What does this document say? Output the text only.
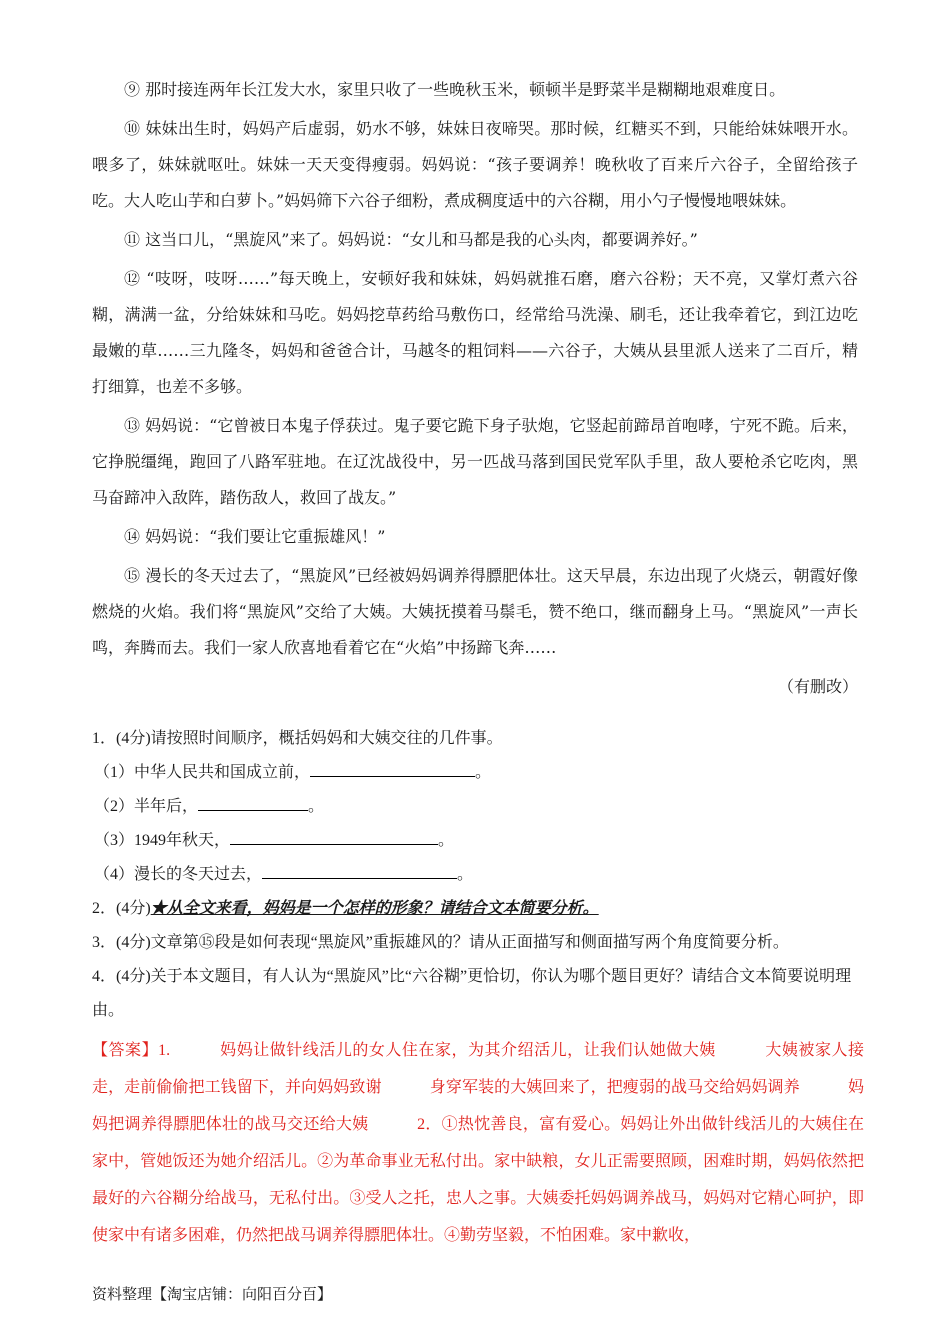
⑨ 那时接连两年长江发大水，家里只收了一些晚秋玉米，顿顿半是野菜半是糊糊地艰难度日。

⑩ 妹妹出生时，妈妈产后虚弱，奶水不够，妹妹日夜啼哭。那时候，红糖买不到，只能给妹妹喂开水。喂多了，妹妹就呕吐。妹妹一天天变得瘦弱。妈妈说：“孩子要调养！晚秋收了百来斤六谷子，全留给孩子吃。大人吃山芋和白萝卜。”妈妈筛下六谷子细粉，煮成稠度适中的六谷糊，用小勺子慢慢地喂妹妹。

⑪ 这当口儿，“黑旋风”来了。妈妈说：“女儿和马都是我的心头肉，都要调养好。”

⑫ “吱呀，吱呀……”每天晚上，安顿好我和妹妹，妈妈就推石磨，磨六谷粉；天不亮，又掌灯煮六谷糊，满满一盆，分给妹妹和马吃。妈妈挖草药给马敷伤口，经常给马洗澡、刷毛，还让我牵着它，到江边吃最嫩的草……三九隆冬，妈妈和爸爸合计，马越冬的粗饲料——六谷子，大姨从县里派人送来了二百斤，精打细算，也差不多够。

⑬ 妈妈说：“它曾被日本鬼子俘获过。鬼子要它跪下身子驮炮，它竖起前蹄昂首咆哮，宁死不跪。后来，它挣脱缰绳，跑回了八路军驻地。在辽沈战役中，另一匹战马落到国民党军队手里，敌人要枪杀它吃肉，黑马奋蹄冲入敌阵，踏伤敌人，救回了战友。”

⑭ 妈妈说：“我们要让它重振雄风！”

⑮ 漫长的冬天过去了，“黑旋风”已经被妈妈调养得膘肥体壮。这天早晨，东边出现了火烧云，朝霞好像燃烧的火焰。我们将“黑旋风”交给了大姨。大姨抚摸着马鬃毛，赞不绝口，继而翻身上马。“黑旋风”一声长鸣，奔腾而去。我们一家人欣喜地看着它在“火焰”中扬蹄飞奔……

（有删改）
1．(4分)请按照时间顺序，概括妈妈和大姨交往的几件事。
（1）中华人民共和国成立前，	。
（2）半年后，	。
（3）1949年秋天，	。
（4）漫长的冬天过去，	。
2．(4分)★从全文来看，妈妈是一个怎样的形象？请结合文本简要分析。
3．(4分)文章第⑮段是如何表现“黑旋风”重振雄风的？请从正面描写和侧面描写两个角度简要分析。
4．(4分)关于本文题目，有人认为“黑旋风”比“六谷糊”更恰切，你认为哪个题目更好？请结合文本简要说明理由。
【答案】1.　　　妈妈让做针线活儿的女人住在家，为其介绍活儿，让我们认她做大姨　　　大姨被家人接走，走前偷偷把工钱留下，并向妈妈致谢　　　身穿军装的大姨回来了，把瘦弱的战马交给妈妈调养　　　妈妈把调养得膘肥体壮的战马交还给大姨　　　2．①热忱善良，富有爱心。妈妈让外出做针线活儿的大姨住在家中，管她饭还为她介绍活儿。②为革命事业无私付出。家中缺粮，女儿正需要照顾，困难时期，妈妈依然把最好的六谷糊分给战马，无私付出。③受人之托，忠人之事。大姨委托妈妈调养战马，妈妈对它精心呵护，即使家中有诸多困难，仍然把战马调养得膘肥体壮。④勤劳坚毅，不怕困难。家中歉收，
资料整理【淘宝店铺：向阳百分百】
